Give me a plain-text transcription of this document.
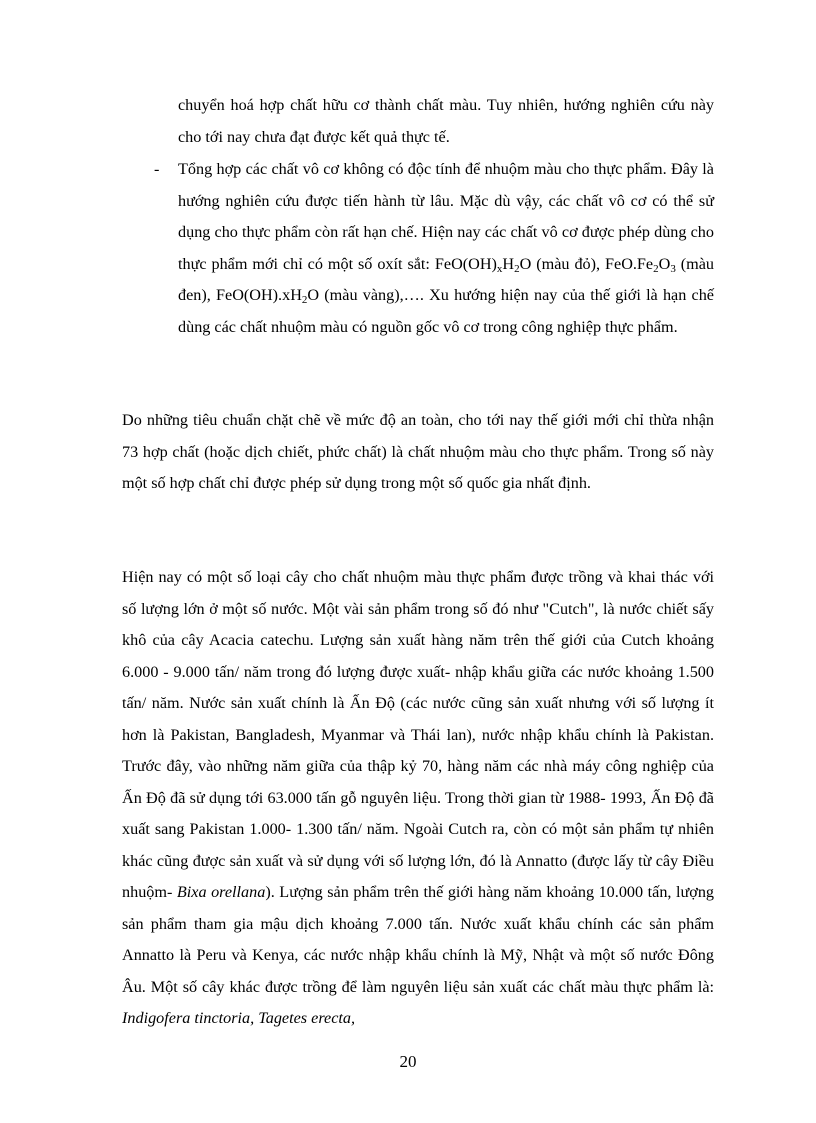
chuyển hoá hợp chất hữu cơ thành chất màu. Tuy nhiên, hướng nghiên cứu này cho tới nay chưa đạt được kết quả thực tế.
- Tổng hợp các chất vô cơ không có độc tính để nhuộm màu cho thực phẩm. Đây là hướng nghiên cứu được tiến hành từ lâu. Mặc dù vậy, các chất vô cơ có thể sử dụng cho thực phẩm còn rất hạn chế. Hiện nay các chất vô cơ được phép dùng cho thực phẩm mới chỉ có một số oxít sắt: $FeO(OH)_xH_2O$ (màu đỏ), $FeO.Fe_2O_3$ (màu đen), $FeO(OH).xH_2O$ (màu vàng),…. Xu hướng hiện nay của thế giới là hạn chế dùng các chất nhuộm màu có nguồn gốc vô cơ trong công nghiệp thực phẩm.
Do những tiêu chuẩn chặt chẽ về mức độ an toàn, cho tới nay thế giới mới chỉ thừa nhận 73 hợp chất (hoặc dịch chiết, phức chất) là chất nhuộm màu cho thực phẩm. Trong số này một số hợp chất chỉ được phép sử dụng trong một số quốc gia nhất định.
Hiện nay có một số loại cây cho chất nhuộm màu thực phẩm được trồng và khai thác với số lượng lớn ở một số nước. Một vài sản phẩm trong số đó như "Cutch", là nước chiết sấy khô của cây Acacia catechu. Lượng sản xuất hàng năm trên thế giới của Cutch khoảng 6.000 - 9.000 tấn/ năm trong đó lượng được xuất- nhập khẩu giữa các nước khoảng 1.500 tấn/ năm. Nước sản xuất chính là Ấn Độ (các nước cũng sản xuất nhưng với số lượng ít hơn là Pakistan, Bangladesh, Myanmar và Thái lan), nước nhập khẩu chính là Pakistan. Trước đây, vào những năm giữa của thập kỷ 70, hàng năm các nhà máy công nghiệp của Ấn Độ đã sử dụng tới 63.000 tấn gỗ nguyên liệu. Trong thời gian từ 1988- 1993, Ấn Độ đã xuất sang Pakistan 1.000- 1.300 tấn/ năm. Ngoài Cutch ra, còn có một sản phẩm tự nhiên khác cũng được sản xuất và sử dụng với số lượng lớn, đó là Annatto (được lấy từ cây Điều nhuộm- Bixa orellana). Lượng sản phẩm trên thế giới hàng năm khoảng 10.000 tấn, lượng sản phẩm tham gia mậu dịch khoảng 7.000 tấn. Nước xuất khẩu chính các sản phẩm Annatto là Peru và Kenya, các nước nhập khẩu chính là Mỹ, Nhật và một số nước Đông Âu. Một số cây khác được trồng để làm nguyên liệu sản xuất các chất màu thực phẩm là: Indigofera tinctoria, Tagetes erecta,
20
